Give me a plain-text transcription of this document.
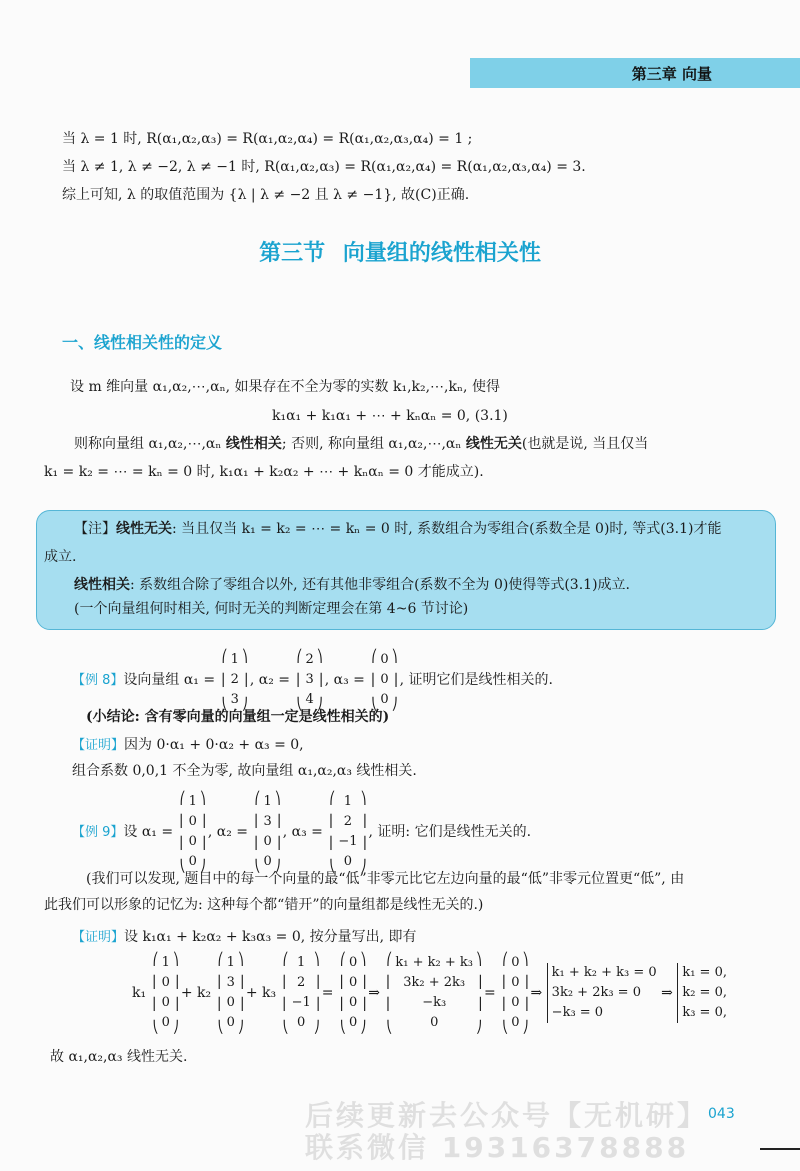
第三章 向量
当 λ = 1 时, R(α₁,α₂,α₃) = R(α₁,α₂,α₄) = R(α₁,α₂,α₃,α₄) = 1 ;
当 λ ≠ 1, λ ≠ −2, λ ≠ −1 时, R(α₁,α₂,α₃) = R(α₁,α₂,α₄) = R(α₁,α₂,α₃,α₄) = 3.
综上可知, λ 的取值范围为 {λ | λ ≠ −2 且 λ ≠ −1}, 故(C)正确.
第三节 向量组的线性相关性
一、线性相关性的定义
设 m 维向量 α₁,α₂,⋯,αₙ, 如果存在不全为零的实数 k₁,k₂,⋯,kₙ, 使得
k₁α₁ + k₁α₁ + ⋯ + kₙαₙ = 0, (3.1)
则称向量组 α₁,α₂,⋯,αₙ 线性相关; 否则, 称向量组 α₁,α₂,⋯,αₙ 线性无关(也就是说, 当且仅当
k₁ = k₂ = ⋯ = kₙ = 0 时, k₁α₁ + k₂α₂ + ⋯ + kₙαₙ = 0 才能成立).
【注】线性无关: 当且仅当 k₁ = k₂ = ⋯ = kₙ = 0 时, 系数组合为零组合(系数全是 0)时, 等式(3.1)才能
成立.
线性相关: 系数组合除了零组合以外, 还有其他非零组合(系数不全为 0)使得等式(3.1)成立.
(一个向量组何时相关, 何时无关的判断定理会在第 4~6 节讨论)
【例 8】设向量组 α₁ =
⎛
⎜
⎝
1
2
3
⎞
⎟
⎠
, α₂ =
⎛
⎜
⎝
2
3
4
⎞
⎟
⎠
, α₃ =
⎛
⎜
⎝
0
0
0
⎞
⎟
⎠
, 证明它们是线性相关的.
(小结论: 含有零向量的向量组一定是线性相关的)
【证明】因为 0·α₁ + 0·α₂ + α₃ = 0,
组合系数 0,0,1 不全为零, 故向量组 α₁,α₂,α₃ 线性相关.
【例 9】设 α₁ =
⎛
⎜
⎜
⎝
1
0
0
0
⎞
⎟
⎟
⎠
, α₂ =
⎛
⎜
⎜
⎝
1
3
0
0
⎞
⎟
⎟
⎠
, α₃ =
⎛
⎜
⎜
⎝
1
2
−1
0
⎞
⎟
⎟
⎠
, 证明: 它们是线性无关的.
(我们可以发现, 题目中的每一个向量的最“低”非零元比它左边向量的最“低”非零元位置更“低”, 由
此我们可以形象的记忆为: 这种每个都“错开”的向量组都是线性无关的.)
【证明】设 k₁α₁ + k₂α₂ + k₃α₃ = 0, 按分量写出, 即有
k₁
⎛
⎜
⎜
⎝
1
0
0
0
⎞
⎟
⎟
⎠
+ k₂
⎛
⎜
⎜
⎝
1
3
0
0
⎞
⎟
⎟
⎠
+ k₃
⎛
⎜
⎜
⎝
1
2
−1
0
⎞
⎟
⎟
⎠
=
⎛
⎜
⎜
⎝
0
0
0
0
⎞
⎟
⎟
⎠
⇒
⎛
⎜
⎜
⎝
k₁ + k₂ + k₃
3k₂ + 2k₃
−k₃
0
⎞
⎟
⎟
⎠
=
⎛
⎜
⎜
⎝
0
0
0
0
⎞
⎟
⎟
⎠
⇒
k₁ + k₂ + k₃ = 0
3k₂ + 2k₃ = 0
−k₃ = 0
⇒
k₁ = 0,
k₂ = 0,
k₃ = 0,
故 α₁,α₂,α₃ 线性无关.
后续更新去公众号【无机研】
联系微信 19316378888
043
